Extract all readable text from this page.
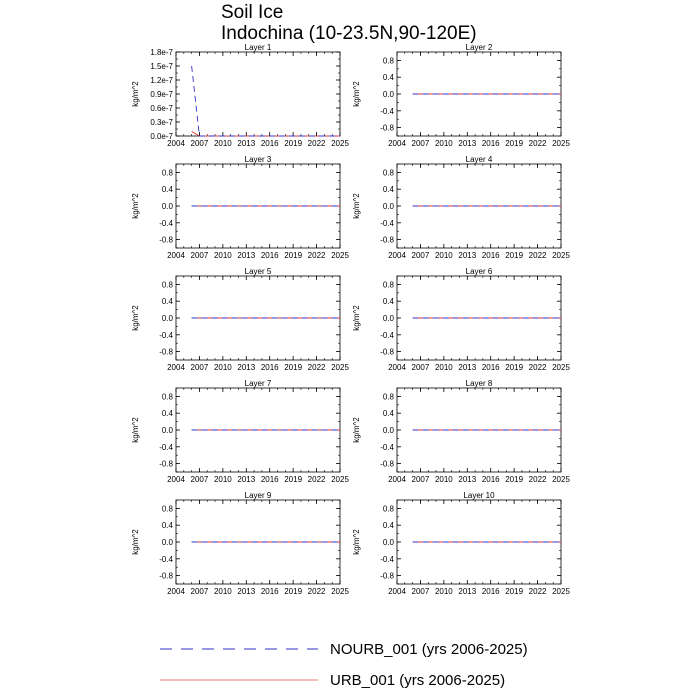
Soil Ice
Indochina (10-23.5N,90-120E)
Layer 1
2004 2007 2010 2013 2016 2019 2022 2025
0.0e-7
0.3e-7
0.6e-7
0.9e-7
1.2e-7
1.5e-7
1.8e-7
kg/m^2
Layer 2
2004 2007 2010 2013 2016 2019 2022 2025
-0.8
-0.4
0.0
0.4
0.8
kg/m^2
Layer 3
2004 2007 2010 2013 2016 2019 2022 2025
-0.8
-0.4
0.0
0.4
0.8
kg/m^2
Layer 4
2004 2007 2010 2013 2016 2019 2022 2025
-0.8
-0.4
0.0
0.4
0.8
kg/m^2
Layer 5
2004 2007 2010 2013 2016 2019 2022 2025
-0.8
-0.4
0.0
0.4
0.8
kg/m^2
Layer 6
2004 2007 2010 2013 2016 2019 2022 2025
-0.8
-0.4
0.0
0.4
0.8
kg/m^2
Layer 7
2004 2007 2010 2013 2016 2019 2022 2025
-0.8
-0.4
0.0
0.4
0.8
kg/m^2
Layer 8
2004 2007 2010 2013 2016 2019 2022 2025
-0.8
-0.4
0.0
0.4
0.8
kg/m^2
Layer 9
2004 2007 2010 2013 2016 2019 2022 2025
-0.8
-0.4
0.0
0.4
0.8
kg/m^2
Layer 10
2004 2007 2010 2013 2016 2019 2022 2025
-0.8
-0.4
0.0
0.4
0.8
kg/m^2
NOURB_001 (yrs 2006-2025)
URB_001 (yrs 2006-2025)
